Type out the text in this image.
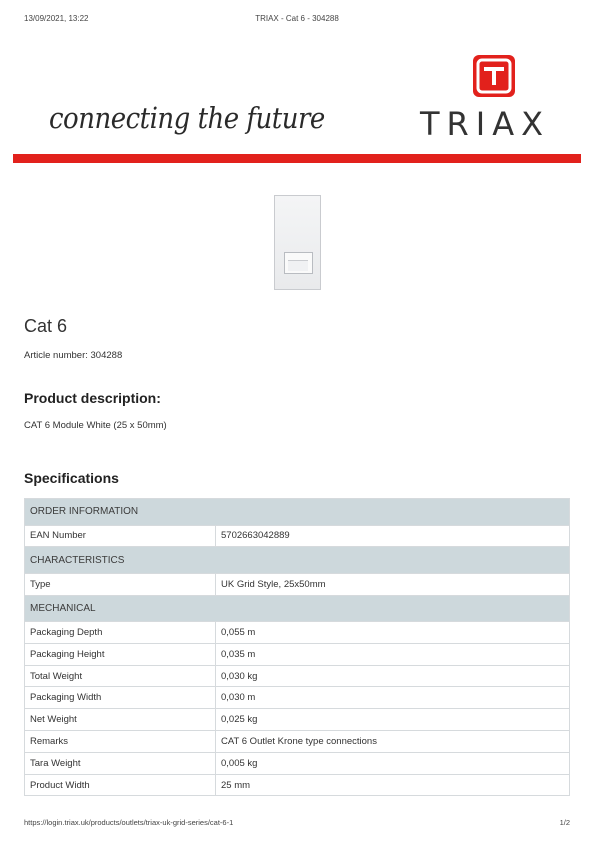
13/09/2021, 13:22	TRIAX - Cat 6 - 304288
connecting the future	TRIAX
Cat 6
Article number: 304288
Product description:
CAT 6 Module White (25 x 50mm)
Specifications
ORDER INFORMATION	
EAN Number	5702663042889
CHARACTERISTICS	
Type	UK Grid Style, 25x50mm
MECHANICAL	
Packaging Depth	0,055 m
Packaging Height	0,035 m
Total Weight	0,030 kg
Packaging Width	0,030 m
Net Weight	0,025 kg
Remarks	CAT 6 Outlet Krone type connections
Tara Weight	0,005 kg
Product Width	25 mm
https://login.triax.uk/products/outlets/triax-uk-grid-series/cat-6-1	1/2
